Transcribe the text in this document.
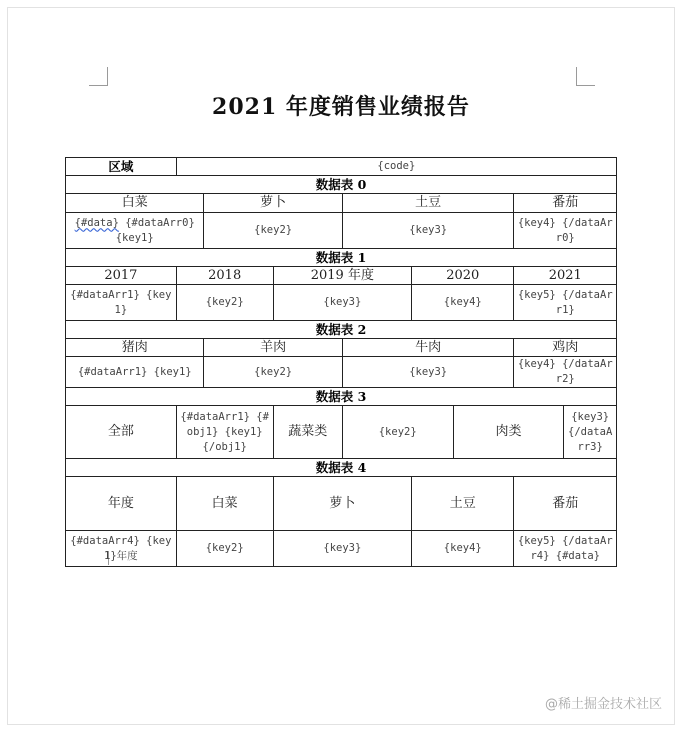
2021 年度销售业绩报告
区域	{code}							
数据表 0								
白菜		萝卜		土豆			番茄	
{#data} {#dataArr0} {key1}		{key2}		{key3}			{key4} {/dataArr0}	
数据表 1								
2017	2018		2019 年度		2020		2021	
{#dataArr1} {key1}	{key2}		{key3}		{key4}		{key5} {/dataArr1}	
数据表 2								
猪肉		羊肉		牛肉			鸡肉	
{#dataArr1} {key1}		{key2}		{key3}			{key4} {/dataArr2}	
数据表 3								
全部	{#dataArr1} {#obj1} {key1} {/obj1}		蔬菜类	{key2}		肉类		{key3} {/dataArr3}
数据表 4								
年度	白菜		萝卜		土豆		番茄	
{#dataArr4} {key1}年度	{key2}		{key3}		{key4}		{key5} {/dataArr4} {#data}	
@稀土掘金技术社区
